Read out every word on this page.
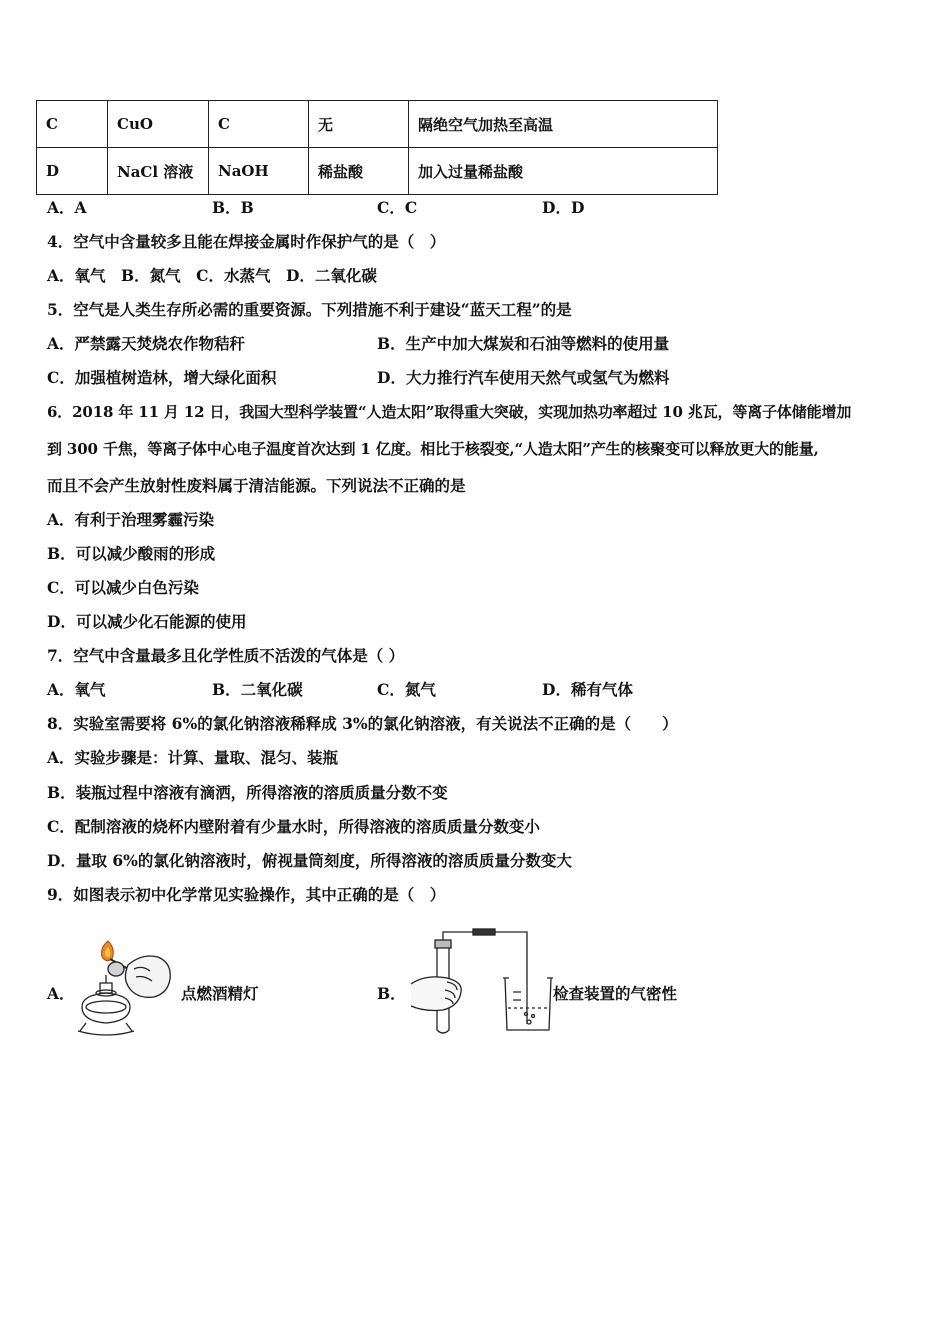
C	CuO	C	无	隔绝空气加热至高温
D	NaCl 溶液	NaOH	稀盐酸	加入过量稀盐酸
A．A	B．B	C．C	D．D
4．空气中含量较多且能在焊接金属时作保护气的是（　）
A．氧气　B．氮气　C．水蒸气　D．二氧化碳
5．空气是人类生存所必需的重要资源。下列措施不利于建设“蓝天工程”的是
A．严禁露天焚烧农作物秸秆	B．生产中加大煤炭和石油等燃料的使用量
C．加强植树造林，增大绿化面积	D．大力推行汽车使用天然气或氢气为燃料
6．2018 年 11 月 12 日，我国大型科学装置“人造太阳”取得重大突破，实现加热功率超过 10 兆瓦，等离子体储能增加
到 300 千焦，等离子体中心电子温度首次达到 1 亿度。相比于核裂变,“人造太阳”产生的核聚变可以释放更大的能量,
而且不会产生放射性废料属于清洁能源。下列说法不正确的是
A．有利于治理雾霾污染
B．可以减少酸雨的形成
C．可以减少白色污染
D．可以减少化石能源的使用
7．空气中含量最多且化学性质不活泼的气体是（ ）
A．氧气	B．二氧化碳	C．氮气	D．稀有气体
8．实验室需要将 6%的氯化钠溶液稀释成 3%的氯化钠溶液，有关说法不正确的是（　　）
A．实验步骤是：计算、量取、混匀、装瓶
B．装瓶过程中溶液有滴洒，所得溶液的溶质质量分数不变
C．配制溶液的烧杯内壁附着有少量水时，所得溶液的溶质质量分数变小
D．量取 6%的氯化钠溶液时，俯视量筒刻度，所得溶液的溶质质量分数变大
9．如图表示初中化学常见实验操作，其中正确的是（　）
A．	点燃酒精灯	B．	检查装置的气密性
